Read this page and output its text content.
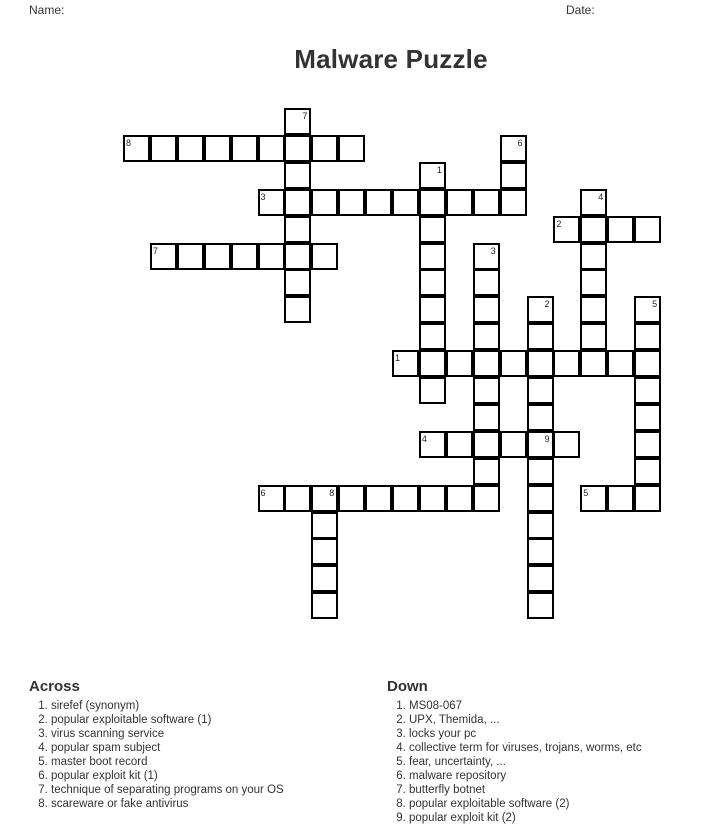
Name:	Date:
Malware Puzzle
7
8	6
1
3	4
2
7	3
2	5
1
4	9
6	8	5
Across
1. sirefef (synonym)
2. popular exploitable software (1)
3. virus scanning service
4. popular spam subject
5. master boot record
6. popular exploit kit (1)
7. technique of separating programs on your OS
8. scareware or fake antivirus
Down
1. MS08-067
2. UPX, Themida, ...
3. locks your pc
4. collective term for viruses, trojans, worms, etc
5. fear, uncertainty, ...
6. malware repository
7. butterfly botnet
8. popular exploitable software (2)
9. popular exploit kit (2)
